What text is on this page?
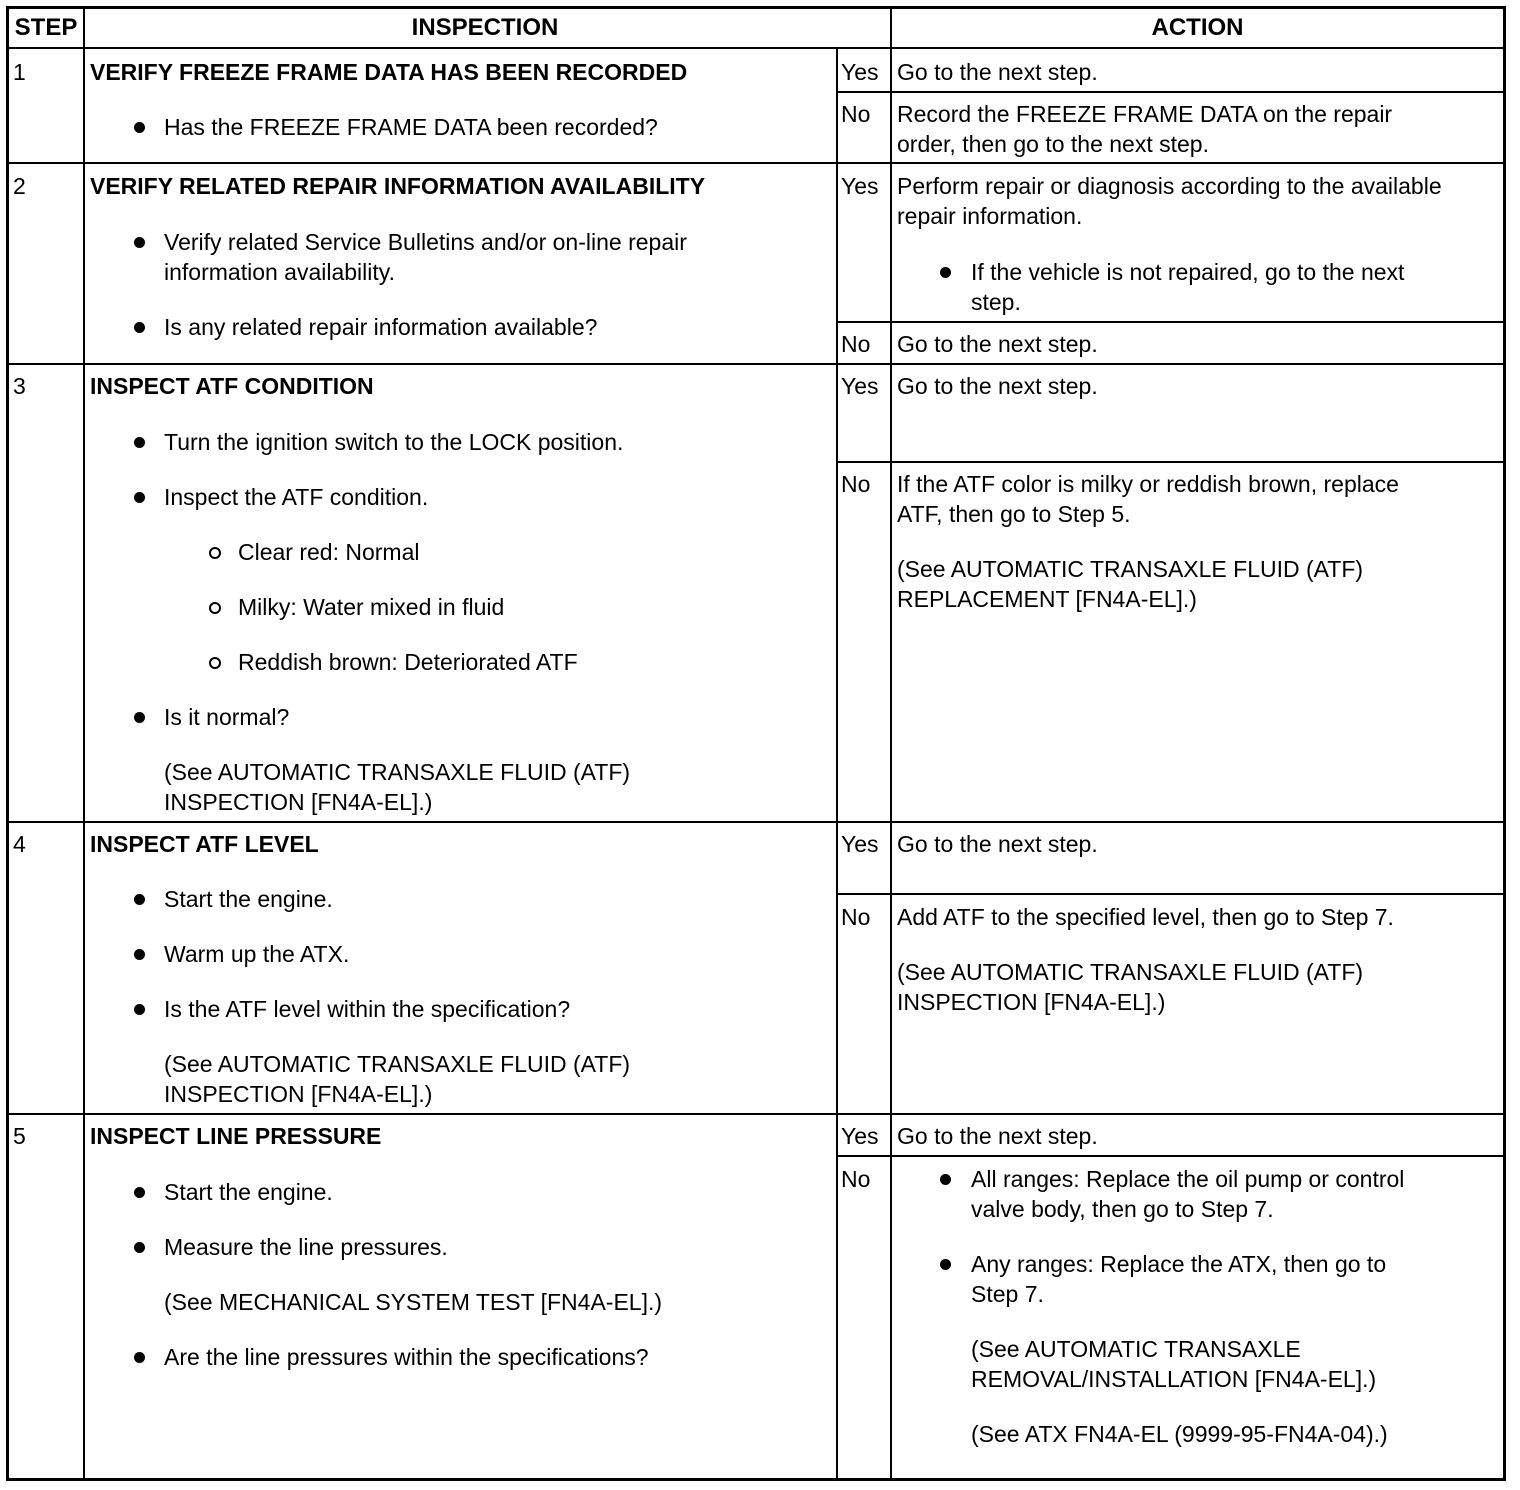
STEP	INSPECTION	ACTION
1	VERIFY FREEZE FRAME DATA HAS BEEN RECORDED
Has the FREEZE FRAME DATA been recorded?
Yes Go to the next step.
No Record the FREEZE FRAME DATA on the repair
order, then go to the next step.
2	VERIFY RELATED REPAIR INFORMATION AVAILABILITY
Verify related Service Bulletins and/or on-line repair
information availability.
Is any related repair information available?
Yes Perform repair or diagnosis according to the available
repair information.
If the vehicle is not repaired, go to the next
step.
No Go to the next step.
3	INSPECT ATF CONDITION
Turn the ignition switch to the LOCK position.
Inspect the ATF condition.
Clear red: Normal
Milky: Water mixed in fluid
Reddish brown: Deteriorated ATF
Is it normal?
(See AUTOMATIC TRANSAXLE FLUID (ATF)
INSPECTION [FN4A-EL].)
Yes Go to the next step.
No If the ATF color is milky or reddish brown, replace
ATF, then go to Step 5.
(See AUTOMATIC TRANSAXLE FLUID (ATF)
REPLACEMENT [FN4A-EL].)
4	INSPECT ATF LEVEL
Start the engine.
Warm up the ATX.
Is the ATF level within the specification?
(See AUTOMATIC TRANSAXLE FLUID (ATF)
INSPECTION [FN4A-EL].)
Yes Go to the next step.
No Add ATF to the specified level, then go to Step 7.
(See AUTOMATIC TRANSAXLE FLUID (ATF)
INSPECTION [FN4A-EL].)
5	INSPECT LINE PRESSURE
Start the engine.
Measure the line pressures.
(See MECHANICAL SYSTEM TEST [FN4A-EL].)
Are the line pressures within the specifications?
Yes Go to the next step.
No	All ranges: Replace the oil pump or control
valve body, then go to Step 7.
Any ranges: Replace the ATX, then go to
Step 7.
(See AUTOMATIC TRANSAXLE
REMOVAL/INSTALLATION [FN4A-EL].)
(See ATX FN4A-EL (9999-95-FN4A-04).)
